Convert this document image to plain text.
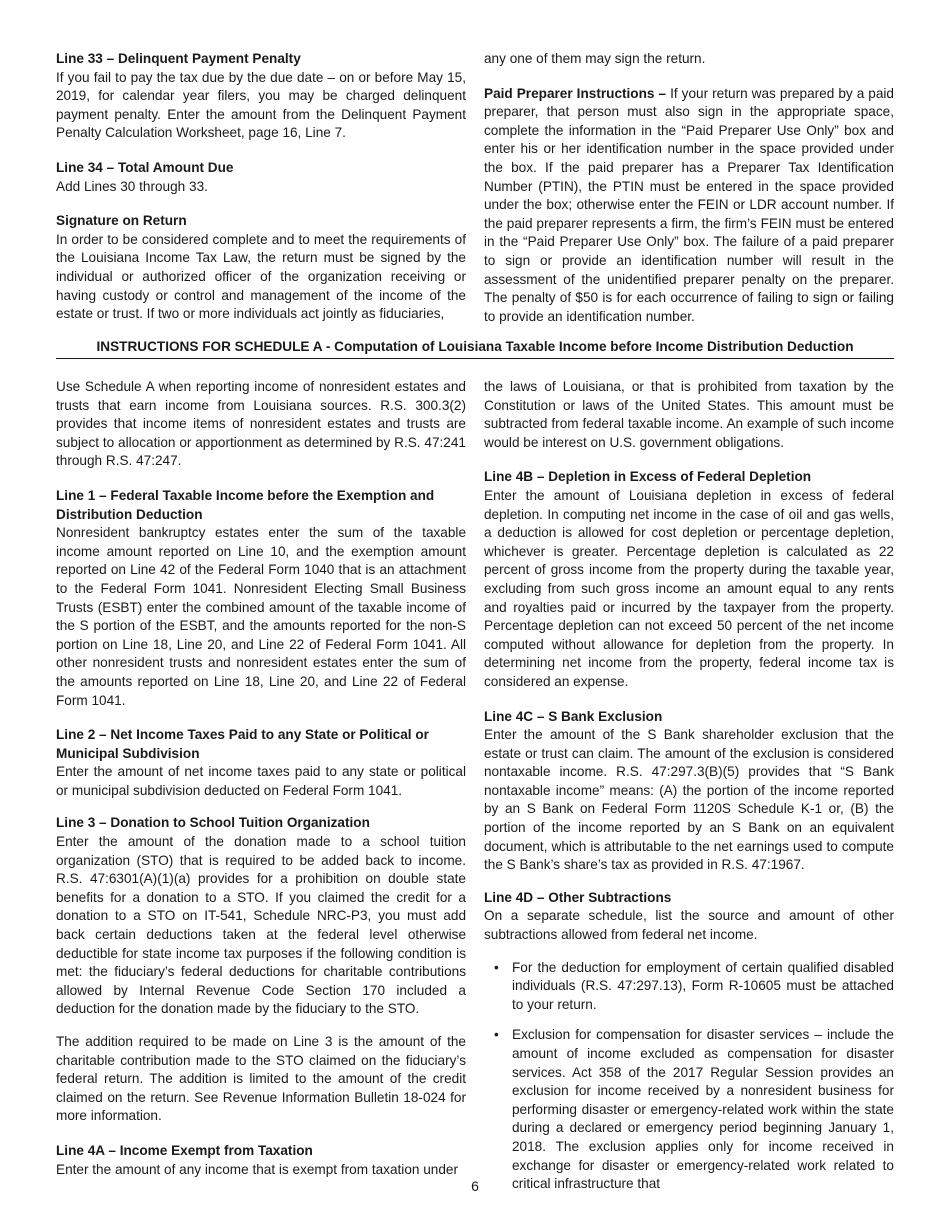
Line 33 – Delinquent Payment Penalty

If you fail to pay the tax due by the due date – on or before May 15, 2019, for calendar year filers, you may be charged delinquent payment penalty. Enter the amount from the Delinquent Payment Penalty Calculation Worksheet, page 16, Line 7.

Line 34 – Total Amount Due

Add Lines 30 through 33.

Signature on Return

In order to be considered complete and to meet the requirements of the Louisiana Income Tax Law, the return must be signed by the individual or authorized officer of the organization receiving or having custody or control and management of the income of the estate or trust. If two or more individuals act jointly as fiduciaries,

any one of them may sign the return.

Paid Preparer Instructions – If your return was prepared by a paid preparer, that person must also sign in the appropriate space, complete the information in the “Paid Preparer Use Only” box and enter his or her identification number in the space provided under the box. If the paid preparer has a Preparer Tax Identification Number (PTIN), the PTIN must be entered in the space provided under the box; otherwise enter the FEIN or LDR account number. If the paid preparer represents a firm, the firm’s FEIN must be entered in the “Paid Preparer Use Only” box. The failure of a paid preparer to sign or provide an identification number will result in the assessment of the unidentified preparer penalty on the preparer. The penalty of $50 is for each occurrence of failing to sign or failing to provide an identification number.

INSTRUCTIONS FOR SCHEDULE A - Computation of Louisiana Taxable Income before Income Distribution Deduction

Use Schedule A when reporting income of nonresident estates and trusts that earn income from Louisiana sources. R.S. 300.3(2) provides that income items of nonresident estates and trusts are subject to allocation or apportionment as determined by R.S. 47:241 through R.S. 47:247.

Line 1 – Federal Taxable Income before the Exemption and Distribution Deduction

Nonresident bankruptcy estates enter the sum of the taxable income amount reported on Line 10, and the exemption amount reported on Line 42 of the Federal Form 1040 that is an attachment to the Federal Form 1041. Nonresident Electing Small Business Trusts (ESBT) enter the combined amount of the taxable income of the S portion of the ESBT, and the amounts reported for the non-S portion on Line 18, Line 20, and Line 22 of Federal Form 1041. All other nonresident trusts and nonresident estates enter the sum of the amounts reported on Line 18, Line 20, and Line 22 of Federal Form 1041.

Line 2 – Net Income Taxes Paid to any State or Political or Municipal Subdivision

Enter the amount of net income taxes paid to any state or political or municipal subdivision deducted on Federal Form 1041.

Line 3 – Donation to School Tuition Organization

Enter the amount of the donation made to a school tuition organization (STO) that is required to be added back to income. R.S. 47:6301(A)(1)(a) provides for a prohibition on double state benefits for a donation to a STO. If you claimed the credit for a donation to a STO on IT-541, Schedule NRC-P3, you must add back certain deductions taken at the federal level otherwise deductible for state income tax purposes if the following condition is met: the fiduciary’s federal deductions for charitable contributions allowed by Internal Revenue Code Section 170 included a deduction for the donation made by the fiduciary to the STO.

The addition required to be made on Line 3 is the amount of the charitable contribution made to the STO claimed on the fiduciary’s federal return. The addition is limited to the amount of the credit claimed on the return. See Revenue Information Bulletin 18-024 for more information.

Line 4A – Income Exempt from Taxation

Enter the amount of any income that is exempt from taxation under

the laws of Louisiana, or that is prohibited from taxation by the Constitution or laws of the United States. This amount must be subtracted from federal taxable income. An example of such income would be interest on U.S. government obligations.

Line 4B – Depletion in Excess of Federal Depletion

Enter the amount of Louisiana depletion in excess of federal depletion. In computing net income in the case of oil and gas wells, a deduction is allowed for cost depletion or percentage depletion, whichever is greater. Percentage depletion is calculated as 22 percent of gross income from the property during the taxable year, excluding from such gross income an amount equal to any rents and royalties paid or incurred by the taxpayer from the property. Percentage depletion can not exceed 50 percent of the net income computed without allowance for depletion from the property. In determining net income from the property, federal income tax is considered an expense.

Line 4C – S Bank Exclusion

Enter the amount of the S Bank shareholder exclusion that the estate or trust can claim. The amount of the exclusion is considered nontaxable income. R.S. 47:297.3(B)(5) provides that “S Bank nontaxable income” means: (A) the portion of the income reported by an S Bank on Federal Form 1120S Schedule K-1 or, (B) the portion of the income reported by an S Bank on an equivalent document, which is attributable to the net earnings used to compute the S Bank’s share’s tax as provided in R.S. 47:1967.

Line 4D – Other Subtractions

On a separate schedule, list the source and amount of other subtractions allowed from federal net income.

• For the deduction for employment of certain qualified disabled individuals (R.S. 47:297.13), Form R-10605 must be attached to your return.
• Exclusion for compensation for disaster services – include the amount of income excluded as compensation for disaster services. Act 358 of the 2017 Regular Session provides an exclusion for income received by a nonresident business for performing disaster or emergency-related work within the state during a declared or emergency period beginning January 1, 2018. The exclusion applies only for income received in exchange for disaster or emergency-related work related to critical infrastructure that
6
